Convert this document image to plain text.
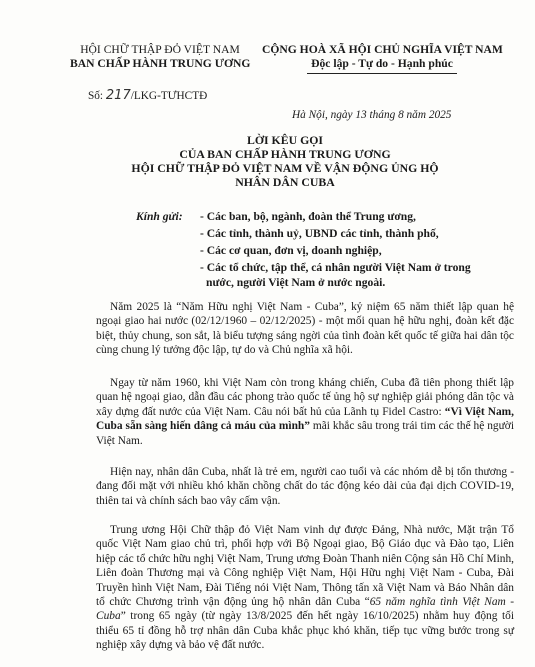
HỘI CHỮ THẬP ĐỎ VIỆT NAM
BAN CHẤP HÀNH TRUNG ƯƠNG
CỘNG HOÀ XÃ HỘI CHỦ NGHĨA VIỆT NAM
Độc lập - Tự do - Hạnh phúc
Số: 217/LKG-TƯHCTĐ
Hà Nội, ngày 13 tháng 8 năm 2025
LỜI KÊU GỌI
CỦA BAN CHẤP HÀNH TRUNG ƯƠNG
HỘI CHỮ THẬP ĐỎ VIỆT NAM VỀ VẬN ĐỘNG ỦNG HỘ
NHÂN DÂN CUBA
Kính gửi: - Các ban, bộ, ngành, đoàn thể Trung ương,
- Các tỉnh, thành uỷ, UBND các tỉnh, thành phố,
- Các cơ quan, đơn vị, doanh nghiệp,
- Các tổ chức, tập thể, cá nhân người Việt Nam ở trong
nước, người Việt Nam ở nước ngoài.
Năm 2025 là “Năm Hữu nghị Việt Nam - Cuba”, kỷ niệm 65 năm thiết lập quan hệ ngoại giao hai nước (02/12/1960 – 02/12/2025) - một mối quan hệ hữu nghị, đoàn kết đặc biệt, thủy chung, son sắt, là biểu tượng sáng ngời của tình đoàn kết quốc tế giữa hai dân tộc cùng chung lý tưởng độc lập, tự do và Chủ nghĩa xã hội.
Ngay từ năm 1960, khi Việt Nam còn trong kháng chiến, Cuba đã tiên phong thiết lập quan hệ ngoại giao, dẫn đầu các phong trào quốc tế ủng hộ sự nghiệp giải phóng dân tộc và xây dựng đất nước của Việt Nam. Câu nói bất hủ của Lãnh tụ Fidel Castro: “Vì Việt Nam, Cuba sẵn sàng hiến dâng cả máu của mình” mãi khắc sâu trong trái tim các thế hệ người Việt Nam.
Hiện nay, nhân dân Cuba, nhất là trẻ em, người cao tuổi và các nhóm dễ bị tổn thương - đang đối mặt với nhiều khó khăn chồng chất do tác động kéo dài của đại dịch COVID-19, thiên tai và chính sách bao vây cấm vận.
Trung ương Hội Chữ thập đỏ Việt Nam vinh dự được Đảng, Nhà nước, Mặt trận Tổ quốc Việt Nam giao chủ trì, phối hợp với Bộ Ngoại giao, Bộ Giáo dục và Đào tạo, Liên hiệp các tổ chức hữu nghị Việt Nam, Trung ương Đoàn Thanh niên Cộng sản Hồ Chí Minh, Liên đoàn Thương mại và Công nghiệp Việt Nam, Hội Hữu nghị Việt Nam - Cuba, Đài Truyền hình Việt Nam, Đài Tiếng nói Việt Nam, Thông tấn xã Việt Nam và Báo Nhân dân tổ chức Chương trình vận động ủng hộ nhân dân Cuba “65 năm nghĩa tình Việt Nam - Cuba” trong 65 ngày (từ ngày 13/8/2025 đến hết ngày 16/10/2025) nhằm huy động tối thiểu 65 tỉ đồng hỗ trợ nhân dân Cuba khắc phục khó khăn, tiếp tục vững bước trong sự nghiệp xây dựng và bảo vệ đất nước.
